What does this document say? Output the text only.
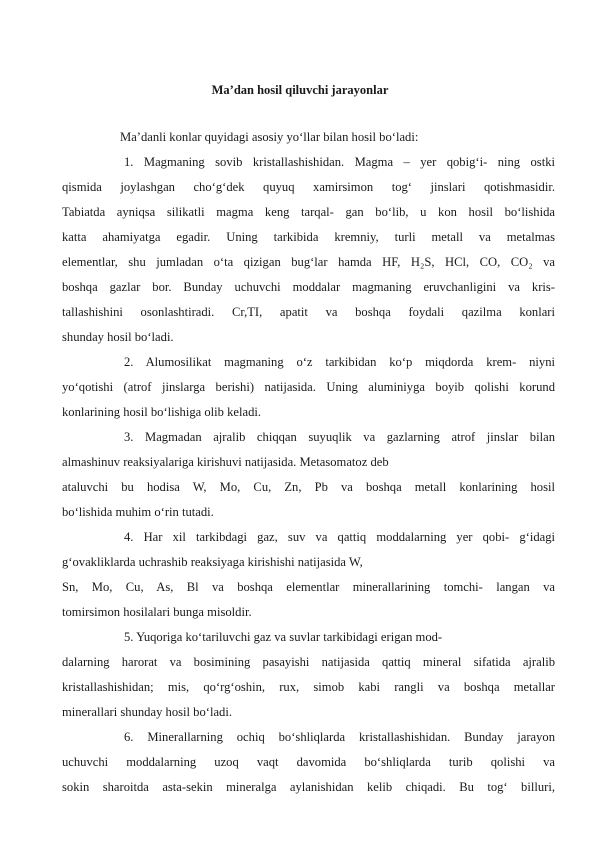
Ma’dan hosil qiluvchi jarayonlar
Ma’danli konlar quyidagi asosiy yo‘llar bilan hosil bo‘ladi:
1. Magmaning sovib kristallashishidan. Magma – yer qobig‘i- ning ostki
qismida joylashgan cho‘g‘dek quyuq xamirsimon tog‘ jinslari qotishmasidir.
Tabiatda ayniqsa silikatli magma keng tarqal- gan bo‘lib, u kon hosil bo‘lishida
katta ahamiyatga egadir. Uning tarkibida kremniy, turli metall va metalmas
elementlar, shu jumladan o‘ta qizigan bug‘lar hamda HF, H₂S, HCl, CO, CO₂ va
boshqa gazlar bor. Bunday uchuvchi moddalar magmaning eruvchanligini va kris-
tallashishini osonlashtiradi. Cr,TI, apatit va boshqa foydali qazilma konlari
shunday hosil bo‘ladi.
2. Alumosilikat magmaning o‘z tarkibidan ko‘p miqdorda krem- niyni
yo‘qotishi (atrof jinslarga berishi) natijasida. Uning aluminiyga boyib qolishi korund
konlarining hosil bo‘lishiga olib keladi.
3. Magmadan ajralib chiqqan suyuqlik va gazlarning atrof jinslar bilan
almashinuv reaksiyalariga kirishuvi natijasida. Metasomatoz deb
ataluvchi bu hodisa W, Mo, Cu, Zn, Pb va boshqa metall konlarining hosil
bo‘lishida muhim o‘rin tutadi.
4. Har xil tarkibdagi gaz, suv va qattiq moddalarning yer qobi- g‘idagi
g‘ovakliklarda uchrashib reaksiyaga kirishishi natijasida W,
Sn, Mo, Cu, As, Bl va boshqa elementlar minerallarining tomchi- langan va
tomirsimon hosilalari bunga misoldir.
5. Yuqoriga ko‘tariluvchi gaz va suvlar tarkibidagi erigan mod-
dalarning harorat va bosimining pasayishi natijasida qattiq mineral sifatida ajralib
kristallashishidan; mis, qo‘rg‘oshin, rux, simob kabi rangli va boshqa metallar
minerallari shunday hosil bo‘ladi.
6. Minerallarning ochiq bo‘shliqlarda kristallashishidan. Bunday jarayon
uchuvchi moddalarning uzoq vaqt davomida bo‘shliqlarda turib qolishi va
sokin sharoitda asta-sekin mineralga aylanishidan kelib chiqadi. Bu tog‘ billuri,
